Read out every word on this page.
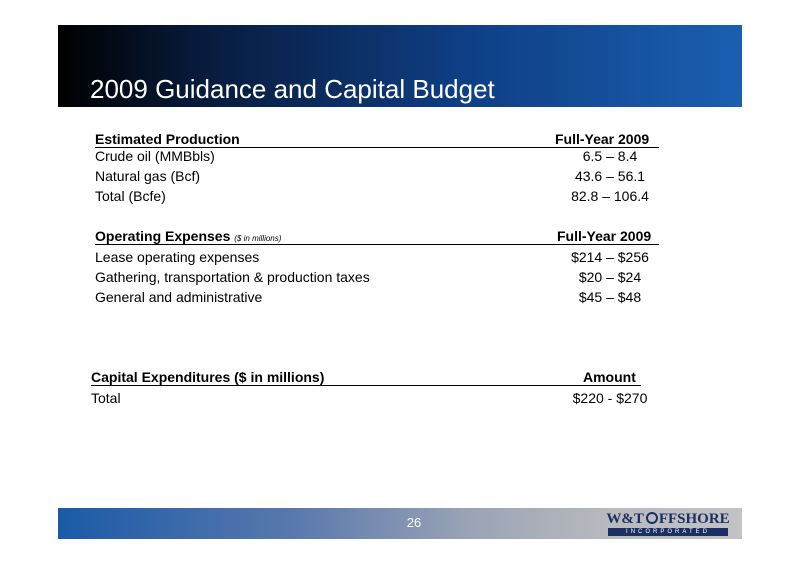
2009 Guidance and Capital Budget
Estimated Production	Full-Year 2009
Crude oil (MMBbls)	6.5 – 8.4
Natural gas (Bcf)	43.6 – 56.1
Total (Bcfe)	82.8 – 106.4
Operating Expenses ($ in millions)	Full-Year 2009
Lease operating expenses	$214 – $256
Gathering, transportation & production taxes	$20 – $24
General and administrative	$45 – $48
Capital Expenditures ($ in millions)	Amount
Total	$220 - $270
26	W&T FFSHORE
INCORPORATED
